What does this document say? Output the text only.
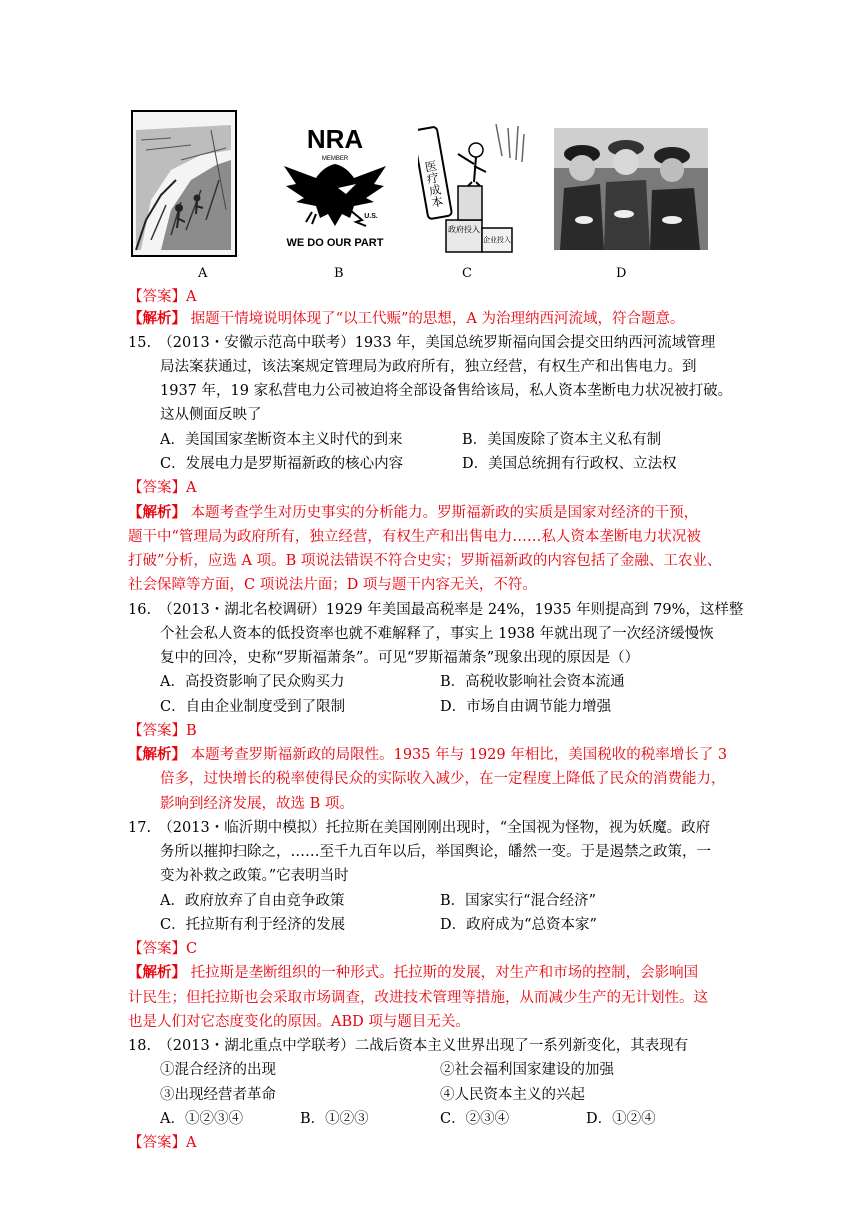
NRA
MEMBER
U.S.
WE DO OUR PART
医疗成本
政府投入
企业投入
A	B	C	D
【答案】A
【解析】 据题干情境说明体现了“以工代赈”的思想，A 为治理纳西河流域，符合题意。
15.　（2013・安徽示范高中联考）1933 年，美国总统罗斯福向国会提交田纳西河流域管理
局法案获通过，该法案规定管理局为政府所有，独立经营，有权生产和出售电力。到
1937 年，19 家私营电力公司被迫将全部设备售给该局，私人资本垄断电力状况被打破。
这从侧面反映了
A．美国国家垄断资本主义时代的到来	B．美国废除了资本主义私有制
C．发展电力是罗斯福新政的核心内容	D．美国总统拥有行政权、立法权
【答案】A
【解析】 本题考查学生对历史事实的分析能力。罗斯福新政的实质是国家对经济的干预，
题干中“管理局为政府所有，独立经营，有权生产和出售电力……私人资本垄断电力状况被
打破”分析，应选 A 项。B 项说法错误不符合史实；罗斯福新政的内容包括了金融、工农业、
社会保障等方面，C 项说法片面；D 项与题干内容无关，不符。
16.　（2013・湖北名校调研）1929 年美国最高税率是 24%，1935 年则提高到 79%，这样整
个社会私人资本的低投资率也就不难解释了，事实上 1938 年就出现了一次经济缓慢恢
复中的回冷，史称“罗斯福萧条”。可见“罗斯福萧条”现象出现的原因是（）
A．高投资影响了民众购买力	B．高税收影响社会资本流通
C．自由企业制度受到了限制	D．市场自由调节能力增强
【答案】B
【解析】 本题考查罗斯福新政的局限性。1935 年与 1929 年相比，美国税收的税率增长了 3
倍多，过快增长的税率使得民众的实际收入减少，在一定程度上降低了民众的消费能力，
影响到经济发展，故选 B 项。
17.　（2013・临沂期中模拟）托拉斯在美国刚刚出现时，“全国视为怪物，视为妖魔。政府
务所以摧抑扫除之，……至千九百年以后，举国舆论，皤然一变。于是遏禁之政策，一
变为补救之政策。”它表明当时
A．政府放弃了自由竞争政策	B．国家实行“混合经济”
C．托拉斯有利于经济的发展	D．政府成为“总资本家”
【答案】C
【解析】 托拉斯是垄断组织的一种形式。托拉斯的发展，对生产和市场的控制，会影响国
计民生；但托拉斯也会采取市场调查，改进技术管理等措施，从而减少生产的无计划性。这
也是人们对它态度变化的原因。ABD 项与题目无关。
18.　（2013・湖北重点中学联考）二战后资本主义世界出现了一系列新变化，其表现有
①混合经济的出现	②社会福利国家建设的加强
③出现经营者革命	④人民资本主义的兴起
A．①②③④	B．①②③	C．②③④	D．①②④
【答案】A
